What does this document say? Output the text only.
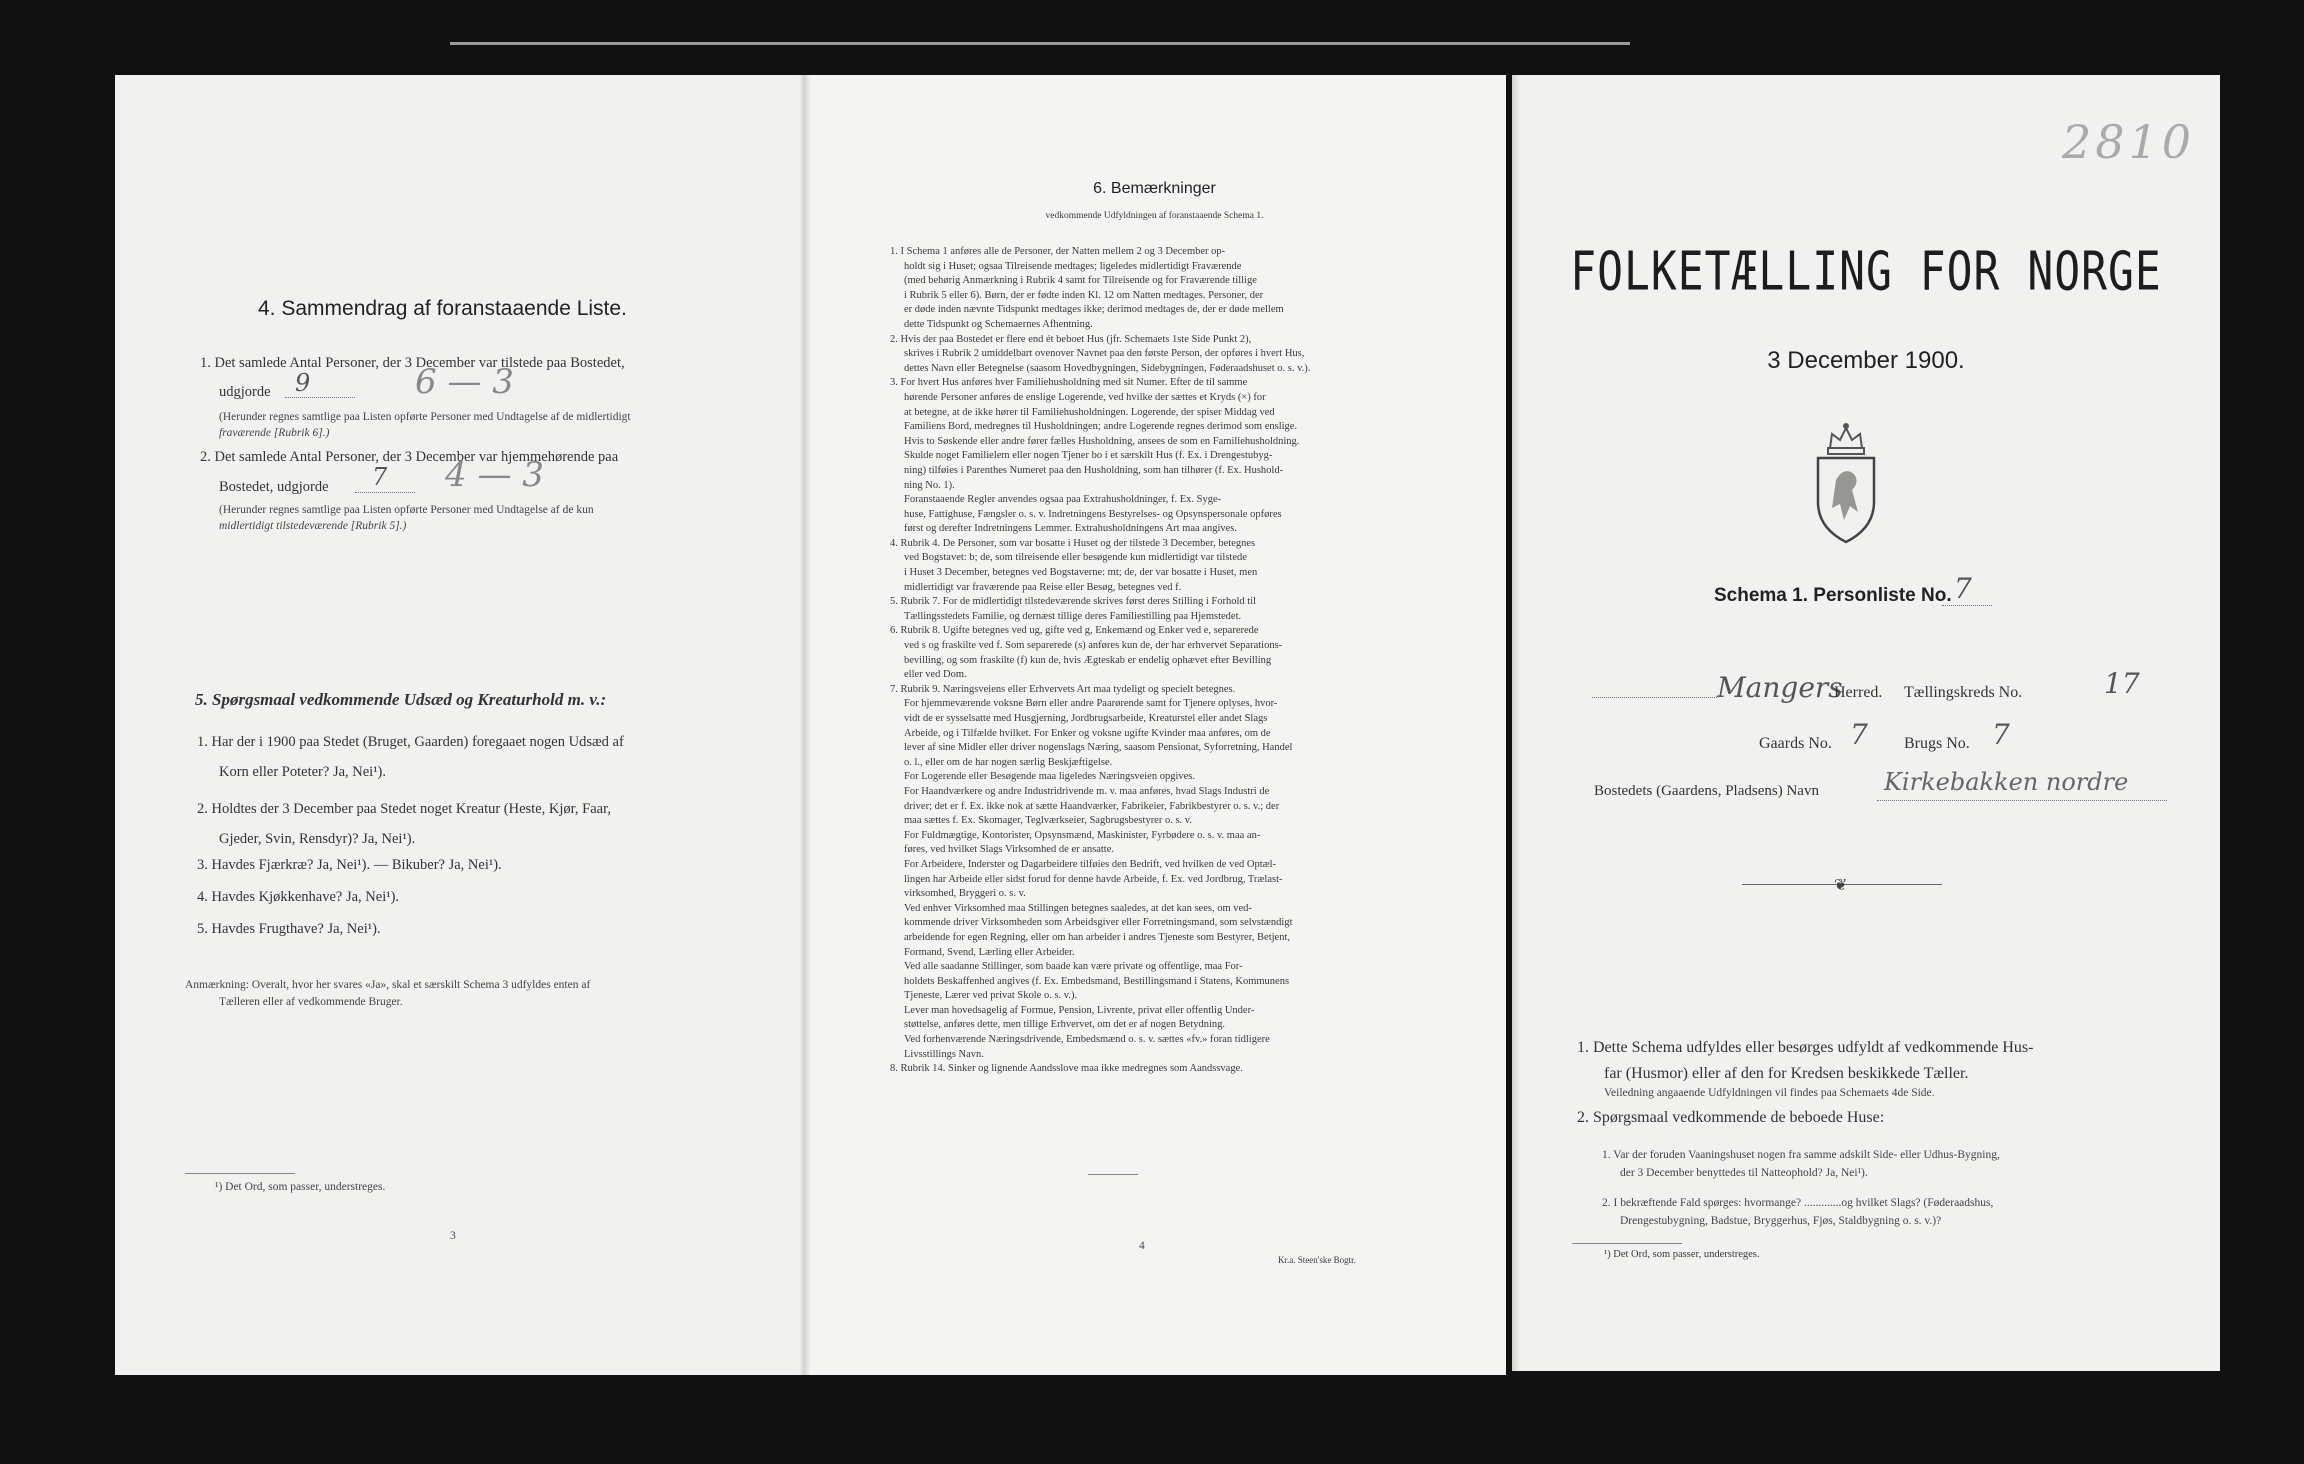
4. Sammendrag af foranstaaende Liste.
1. Det samlede Antal Personer, der 3 December var tilstede paa Bostedet,
udgjorde 9	6 — 3
(Herunder regnes samtlige paa Listen opførte Personer med Undtagelse af de midlertidigt
fraværende [Rubrik 6].)
2. Det samlede Antal Personer, der 3 December var hjemmehørende paa
Bostedet, udgjorde 7 4 — 3
(Herunder regnes samtlige paa Listen opførte Personer med Undtagelse af de kun
midlertidigt tilstedeværende [Rubrik 5].)
5. Spørgsmaal vedkommende Udsæd og Kreaturhold m. v.:
1. Har der i 1900 paa Stedet (Bruget, Gaarden) foregaaet nogen Udsæd af
Korn eller Poteter? Ja, Nei¹).
2. Holdtes der 3 December paa Stedet noget Kreatur (Heste, Kjør, Faar,
Gjeder, Svin, Rensdyr)? Ja, Nei¹).
3. Havdes Fjærkræ? Ja, Nei¹). — Bikuber? Ja, Nei¹).
4. Havdes Kjøkkenhave? Ja, Nei¹).
5. Havdes Frugthave? Ja, Nei¹).
Anmærkning: Overalt, hvor her svares «Ja», skal et særskilt Schema 3 udfyldes enten af
Tælleren eller af vedkommende Bruger.
¹) Det Ord, som passer, understreges.
3
6. Bemærkninger
vedkommende Udfyldningen af foranstaaende Schema 1.
1. I Schema 1 anføres alle de Personer, der Natten mellem 2 og 3 December op-
holdt sig i Huset; ogsaa Tilreisende medtages; ligeledes midlertidigt Fraværende
(med behørig Anmærkning i Rubrik 4 samt for Tilreisende og for Fraværende tillige
i Rubrik 5 eller 6). Børn, der er fødte inden Kl. 12 om Natten medtages. Personer, der
er døde inden nævnte Tidspunkt medtages ikke; derimod medtages de, der er døde mellem
dette Tidspunkt og Schemaernes Afhentning.
2. Hvis der paa Bostedet er flere end ét beboet Hus (jfr. Schemaets 1ste Side Punkt 2),
skrives i Rubrik 2 umiddelbart ovenover Navnet paa den første Person, der opføres i hvert Hus,
dettes Navn eller Betegnelse (saasom Hovedbygningen, Sidebygningen, Føderaadshuset o. s. v.).
3. For hvert Hus anføres hver Familiehusholdning med sit Numer. Efter de til samme
hørende Personer anføres de enslige Logerende, ved hvilke der sættes et Kryds (×) for
at betegne, at de ikke hører til Familiehusholdningen. Logerende, der spiser Middag ved
Familiens Bord, medregnes til Husholdningen; andre Logerende regnes derimod som enslige.
Hvis to Søskende eller andre fører fælles Husholdning, ansees de som en Familiehusholdning.
Skulde noget Familielem eller nogen Tjener bo i et særskilt Hus (f. Ex. i Drengestubyg-
ning) tilføies i Parenthes Numeret paa den Husholdning, som han tilhører (f. Ex. Hushold-
ning No. 1).
Foranstaaende Regler anvendes ogsaa paa Extrahusholdninger, f. Ex. Syge-
huse, Fattighuse, Fængsler o. s. v. Indretningens Bestyrelses- og Opsynspersonale opføres
først og derefter Indretningens Lemmer. Extrahusholdningens Art maa angives.
4. Rubrik 4. De Personer, som var bosatte i Huset og der tilstede 3 December, betegnes
ved Bogstavet: b; de, som tilreisende eller besøgende kun midlertidigt var tilstede
i Huset 3 December, betegnes ved Bogstaverne: mt; de, der var bosatte i Huset, men
midlertidigt var fraværende paa Reise eller Besøg, betegnes ved f.
5. Rubrik 7. For de midlertidigt tilstedeværende skrives først deres Stilling i Forhold til
Tællingsstedets Familie, og dernæst tillige deres Familiestilling paa Hjemstedet.
6. Rubrik 8. Ugifte betegnes ved ug, gifte ved g, Enkemænd og Enker ved e, separerede
ved s og fraskilte ved f. Som separerede (s) anføres kun de, der har erhvervet Separations-
bevilling, og som fraskilte (f) kun de, hvis Ægteskab er endelig ophævet efter Bevilling
eller ved Dom.
7. Rubrik 9. Næringsveiens eller Erhvervets Art maa tydeligt og specielt betegnes.
For hjemmeværende voksne Børn eller andre Paarørende samt for Tjenere oplyses, hvor-
vidt de er sysselsatte med Husgjerning, Jordbrugsarbeide, Kreaturstel eller andet Slags
Arbeide, og i Tilfælde hvilket. For Enker og voksne ugifte Kvinder maa anføres, om de
lever af sine Midler eller driver nogenslags Næring, saasom Pensionat, Syforretning, Handel
o. l., eller om de har nogen særlig Beskjæftigelse.
For Logerende eller Besøgende maa ligeledes Næringsveien opgives.
For Haandværkere og andre Industridrivende m. v. maa anføres, hvad Slags Industri de
driver; det er f. Ex. ikke nok at sætte Haandværker, Fabrikeier, Fabrikbestyrer o. s. v.; der
maa sættes f. Ex. Skomager, Teglværkseier, Sagbrugsbestyrer o. s. v.
For Fuldmægtige, Kontorister, Opsynsmænd, Maskinister, Fyrbødere o. s. v. maa an-
føres, ved hvilket Slags Virksomhed de er ansatte.
For Arbeidere, Inderster og Dagarbeidere tilføies den Bedrift, ved hvilken de ved Optæl-
lingen har Arbeide eller sidst forud for denne havde Arbeide, f. Ex. ved Jordbrug, Trælast-
virksomhed, Bryggeri o. s. v.
Ved enhver Virksomhed maa Stillingen betegnes saaledes, at det kan sees, om ved-
kommende driver Virksomheden som Arbeidsgiver eller Forretningsmand, som selvstændigt
arbeidende for egen Regning, eller om han arbeider i andres Tjeneste som Bestyrer, Betjent,
Formand, Svend, Lærling eller Arbeider.
Ved alle saadanne Stillinger, som baade kan være private og offentlige, maa For-
holdets Beskaffenhed angives (f. Ex. Embedsmand, Bestillingsmand i Statens, Kommunens
Tjeneste, Lærer ved privat Skole o. s. v.).
Lever man hovedsagelig af Formue, Pension, Livrente, privat eller offentlig Under-
støttelse, anføres dette, men tillige Erhvervet, om det er af nogen Betydning.
Ved forhenværende Næringsdrivende, Embedsmænd o. s. v. sættes «fv.» foran tidligere
Livsstillings Navn.
8. Rubrik 14. Sinker og lignende Aandsslove maa ikke medregnes som Aandssvage.
4
Kr.a. Steen'ske Bogtr.
2810
FOLKETÆLLING FOR NORGE
3 December 1900.
Schema 1. Personliste No. 7
Mangers
Herred. Tællingskreds No.	17
Gaards No. 7 Brugs No. 7
Bostedets (Gaardens, Pladsens) Navn	Kirkebakken nordre
❦
1. Dette Schema udfyldes eller besørges udfyldt af vedkommende Hus-
far (Husmor) eller af den for Kredsen beskikkede Tæller.
Veiledning angaaende Udfyldningen vil findes paa Schemaets 4de Side.
2. Spørgsmaal vedkommende de beboede Huse:
1. Var der foruden Vaaningshuset nogen fra samme adskilt Side- eller Udhus-Bygning,
der 3 December benyttedes til Natteophold? Ja, Nei¹).
2. I bekræftende Fald spørges: hvormange? .............og hvilket Slags? (Føderaadshus,
Drengestubygning, Badstue, Bryggerhus, Fjøs, Staldbygning o. s. v.)?
¹) Det Ord, som passer, understreges.
